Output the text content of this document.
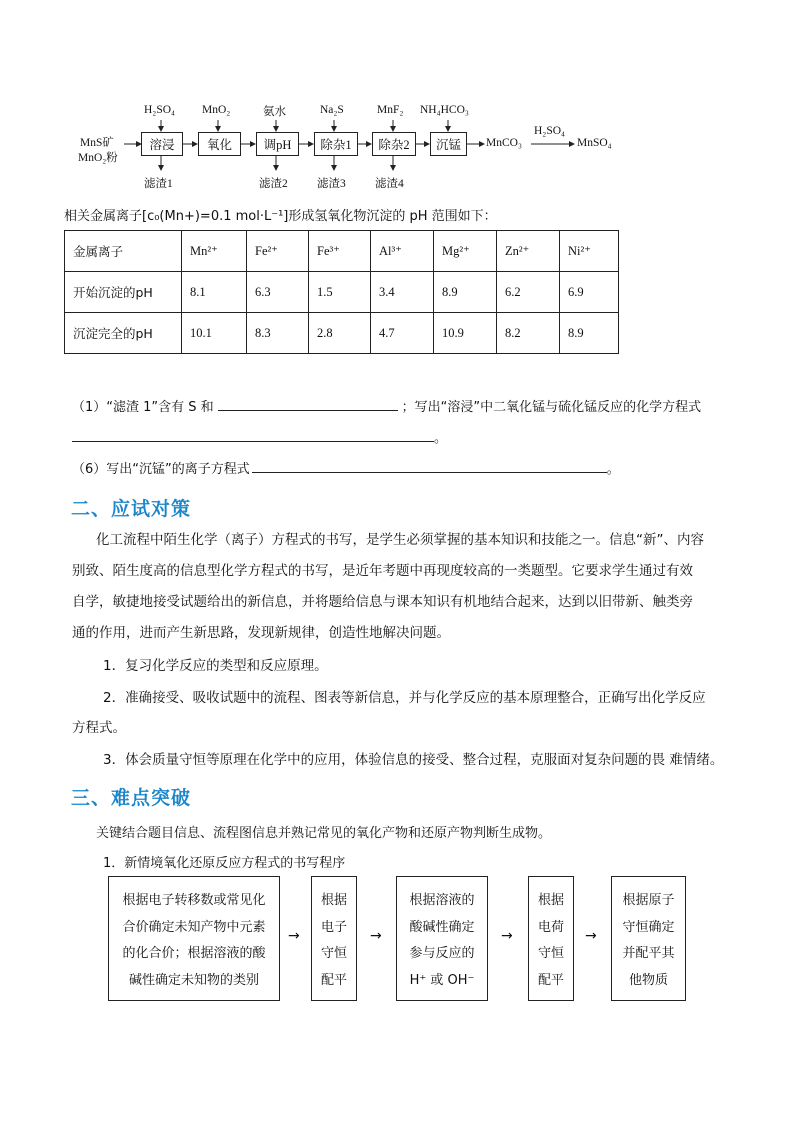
MnS矿
MnO₂粉
溶浸	氧化	调pH	除杂1	除杂2	沉锰
H₂SO₄ MnO₂	氨水	Na₂S	MnF₂ NH₄HCO₃
滤渣1	滤渣2	滤渣3	滤渣4
MnCO₃
H₂SO₄
MnSO₄
相关金属离子[c₀(Mn+)=0.1 mol·L⁻¹]形成氢氧化物沉淀的 pH 范围如下：
金属离子	Mn²⁺	Fe²⁺	Fe³⁺	Al³⁺	Mg²⁺	Zn²⁺	Ni²⁺
开始沉淀的pH	8.1	6.3	1.5	3.4	8.9	6.2	6.9
沉淀完全的pH	10.1	8.3	2.8	4.7	10.9	8.2	8.9
（1）“滤渣 1”含有 S 和	；写出“溶浸”中二氧化锰与硫化锰反应的化学方程式
。
（6）写出“沉锰”的离子方程式	。
二、应试对策
化工流程中陌生化学（离子）方程式的书写，是学生必须掌握的基本知识和技能之一。信息“新”、内容
别致、陌生度高的信息型化学方程式的书写，是近年考题中再现度较高的一类题型。它要求学生通过有效
自学，敏捷地接受试题给出的新信息，并将题给信息与课本知识有机地结合起来，达到以旧带新、触类旁
通的作用，进而产生新思路，发现新规律，创造性地解决问题。
1．复习化学反应的类型和反应原理。
2．准确接受、吸收试题中的流程、图表等新信息，并与化学反应的基本原理整合，正确写出化学反应
方程式。
3．体会质量守恒等原理在化学中的应用，体验信息的接受、整合过程，克服面对复杂问题的畏 难情绪。
三、难点突破
关键结合题目信息、流程图信息并熟记常见的氧化产物和还原产物判断生成物。
1．新情境氧化还原反应方程式的书写程序
根据电子转移数或常见化
合价确定未知产物中元素
的化合价；根据溶液的酸
碱性确定未知物的类别
→
根据
电子
守恒
配平
→
根据溶液的
酸碱性确定
参与反应的
H⁺ 或 OH⁻
→
根据
电荷
守恒
配平
→
根据原子
守恒确定
并配平其
他物质
